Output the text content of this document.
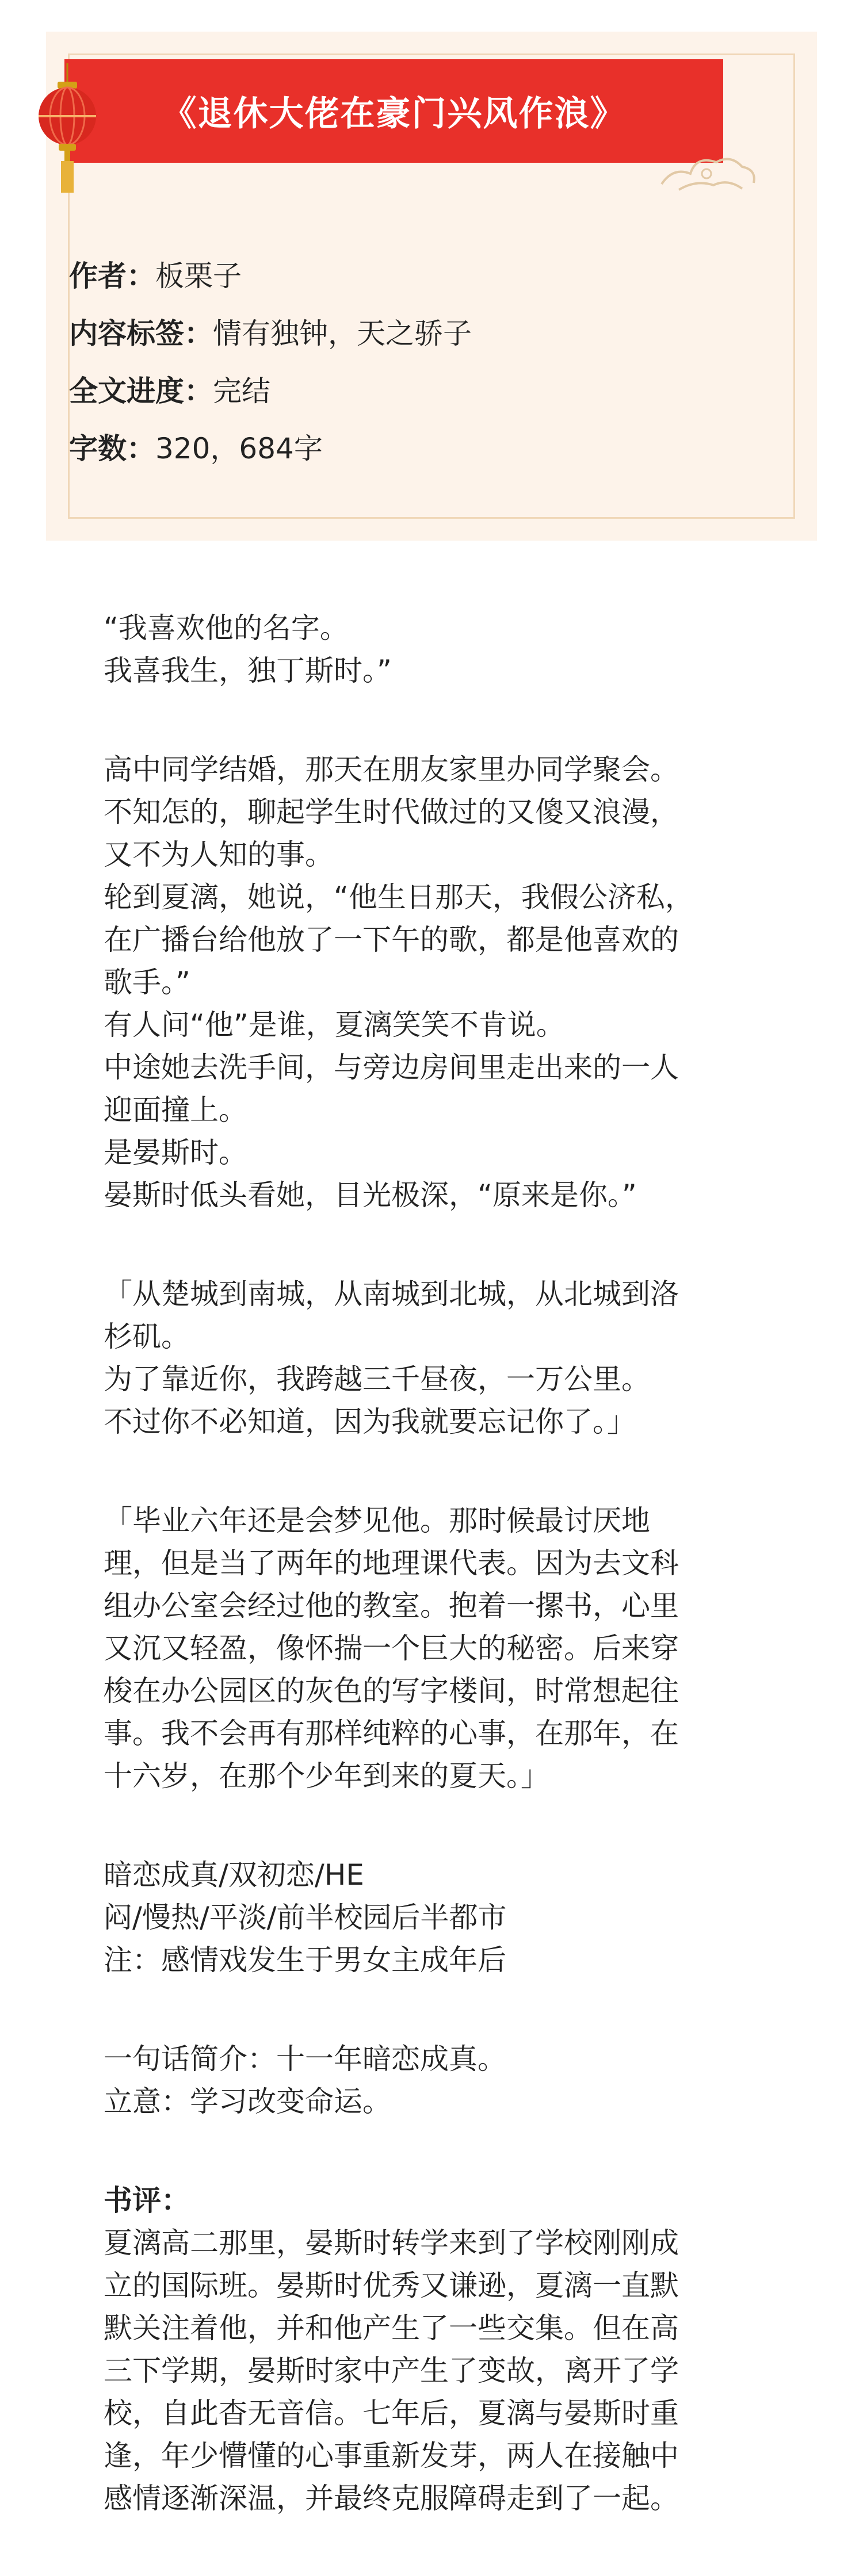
《退休大佬在豪门兴风作浪》
作者：板栗子
内容标签：情有独钟，天之骄子
全文进度：完结
字数：320，684字
“我喜欢他的名字。
我喜我生，独丁斯时。”
高中同学结婚，那天在朋友家里办同学聚会。
不知怎的，聊起学生时代做过的又傻又浪漫，
又不为人知的事。
轮到夏漓，她说，“他生日那天，我假公济私，
在广播台给他放了一下午的歌，都是他喜欢的
歌手。”
有人问“他”是谁，夏漓笑笑不肯说。
中途她去洗手间，与旁边房间里走出来的一人
迎面撞上。
是晏斯时。
晏斯时低头看她，目光极深，“原来是你。”
「从楚城到南城，从南城到北城，从北城到洛
杉矶。
为了靠近你，我跨越三千昼夜，一万公里。
不过你不必知道，因为我就要忘记你了。」
「毕业六年还是会梦见他。那时候最讨厌地
理，但是当了两年的地理课代表。因为去文科
组办公室会经过他的教室。抱着一摞书，心里
又沉又轻盈，像怀揣一个巨大的秘密。后来穿
梭在办公园区的灰色的写字楼间，时常想起往
事。我不会再有那样纯粹的心事，在那年，在
十六岁，在那个少年到来的夏天。」
暗恋成真/双初恋/HE
闷/慢热/平淡/前半校园后半都市
注：感情戏发生于男女主成年后
一句话简介：十一年暗恋成真。
立意：学习改变命运。
书评：
夏漓高二那里，晏斯时转学来到了学校刚刚成
立的国际班。晏斯时优秀又谦逊，夏漓一直默
默关注着他，并和他产生了一些交集。但在高
三下学期，晏斯时家中产生了变故，离开了学
校，自此杳无音信。七年后，夏漓与晏斯时重
逢，年少懵懂的心事重新发芽，两人在接触中
感情逐渐深温，并最终克服障碍走到了一起。
